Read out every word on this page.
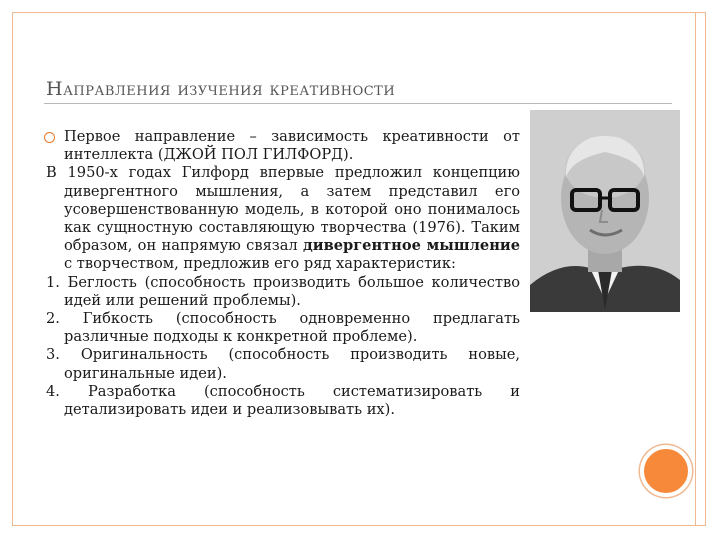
Направления изучения креативности
Первое направление – зависимость креативности от интеллекта (ДЖОЙ ПОЛ ГИЛФОРД).
В 1950-х годах Гилфорд впервые предложил концепцию дивергентного мышления, а затем представил его усовершенствованную модель, в которой оно понималось как сущностную составляющую творчества (1976). Таким образом, он напрямую связал дивергентное мышление с творчеством, предложив его ряд характеристик:
1. Беглость (способность производить большое количество идей или решений проблемы).
2. Гибкость (способность одновременно предлагать различные подходы к конкретной проблеме).
3. Оригинальность (способность производить новые, оригинальные идеи).
4. Разработка (способность систематизировать и детализировать идеи и реализовывать их).
